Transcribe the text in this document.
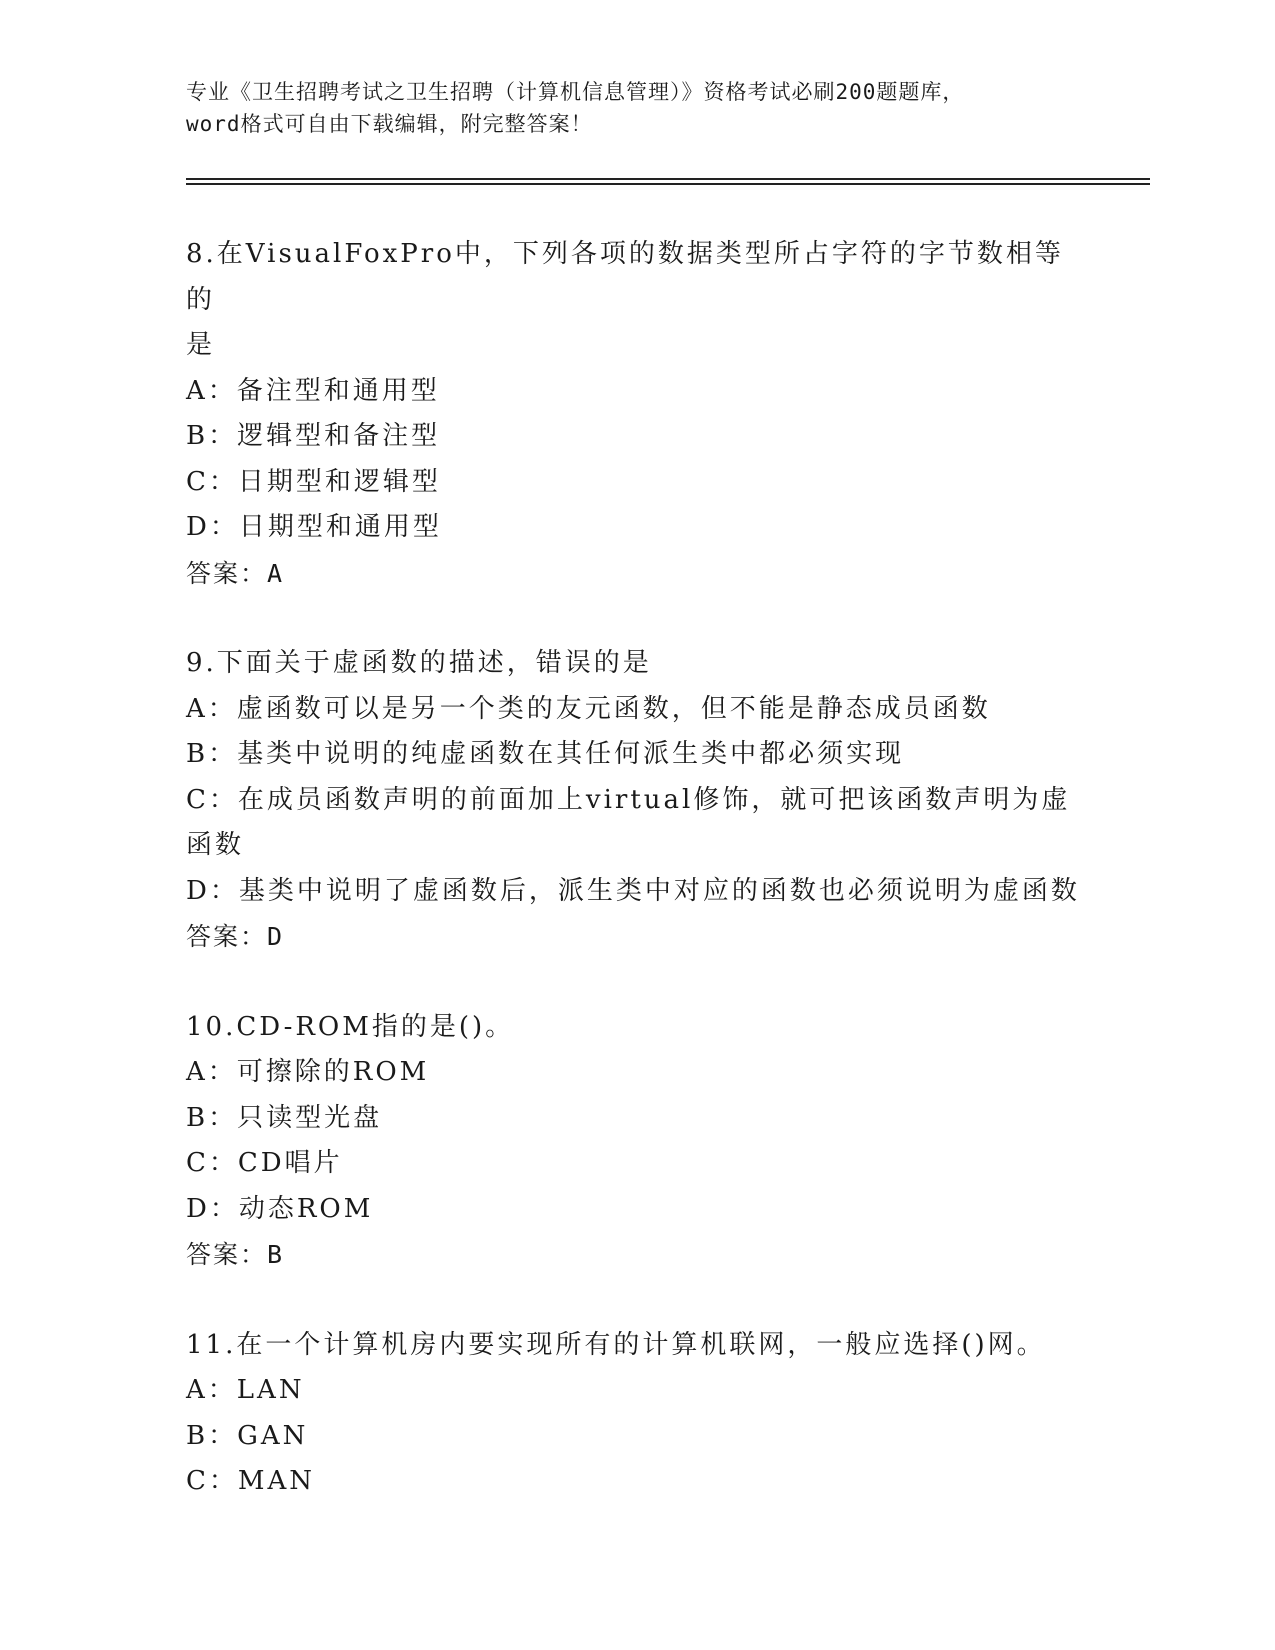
专业《卫生招聘考试之卫生招聘（计算机信息管理）》资格考试必刷200题题库，
word格式可自由下载编辑，附完整答案！
8.在VisualFoxPro中，下列各项的数据类型所占字符的字节数相等的
是
A：备注型和通用型
B：逻辑型和备注型
C：日期型和逻辑型
D：日期型和通用型
答案：A
9.下面关于虚函数的描述，错误的是
A：虚函数可以是另一个类的友元函数，但不能是静态成员函数
B：基类中说明的纯虚函数在其任何派生类中都必须实现
C：在成员函数声明的前面加上virtual修饰，就可把该函数声明为虚
函数
D：基类中说明了虚函数后，派生类中对应的函数也必须说明为虚函数
答案：D
10.CD-ROM指的是()。
A：可擦除的ROM
B：只读型光盘
C：CD唱片
D：动态ROM
答案：B
11.在一个计算机房内要实现所有的计算机联网，一般应选择()网。
A：LAN
B：GAN
C：MAN
